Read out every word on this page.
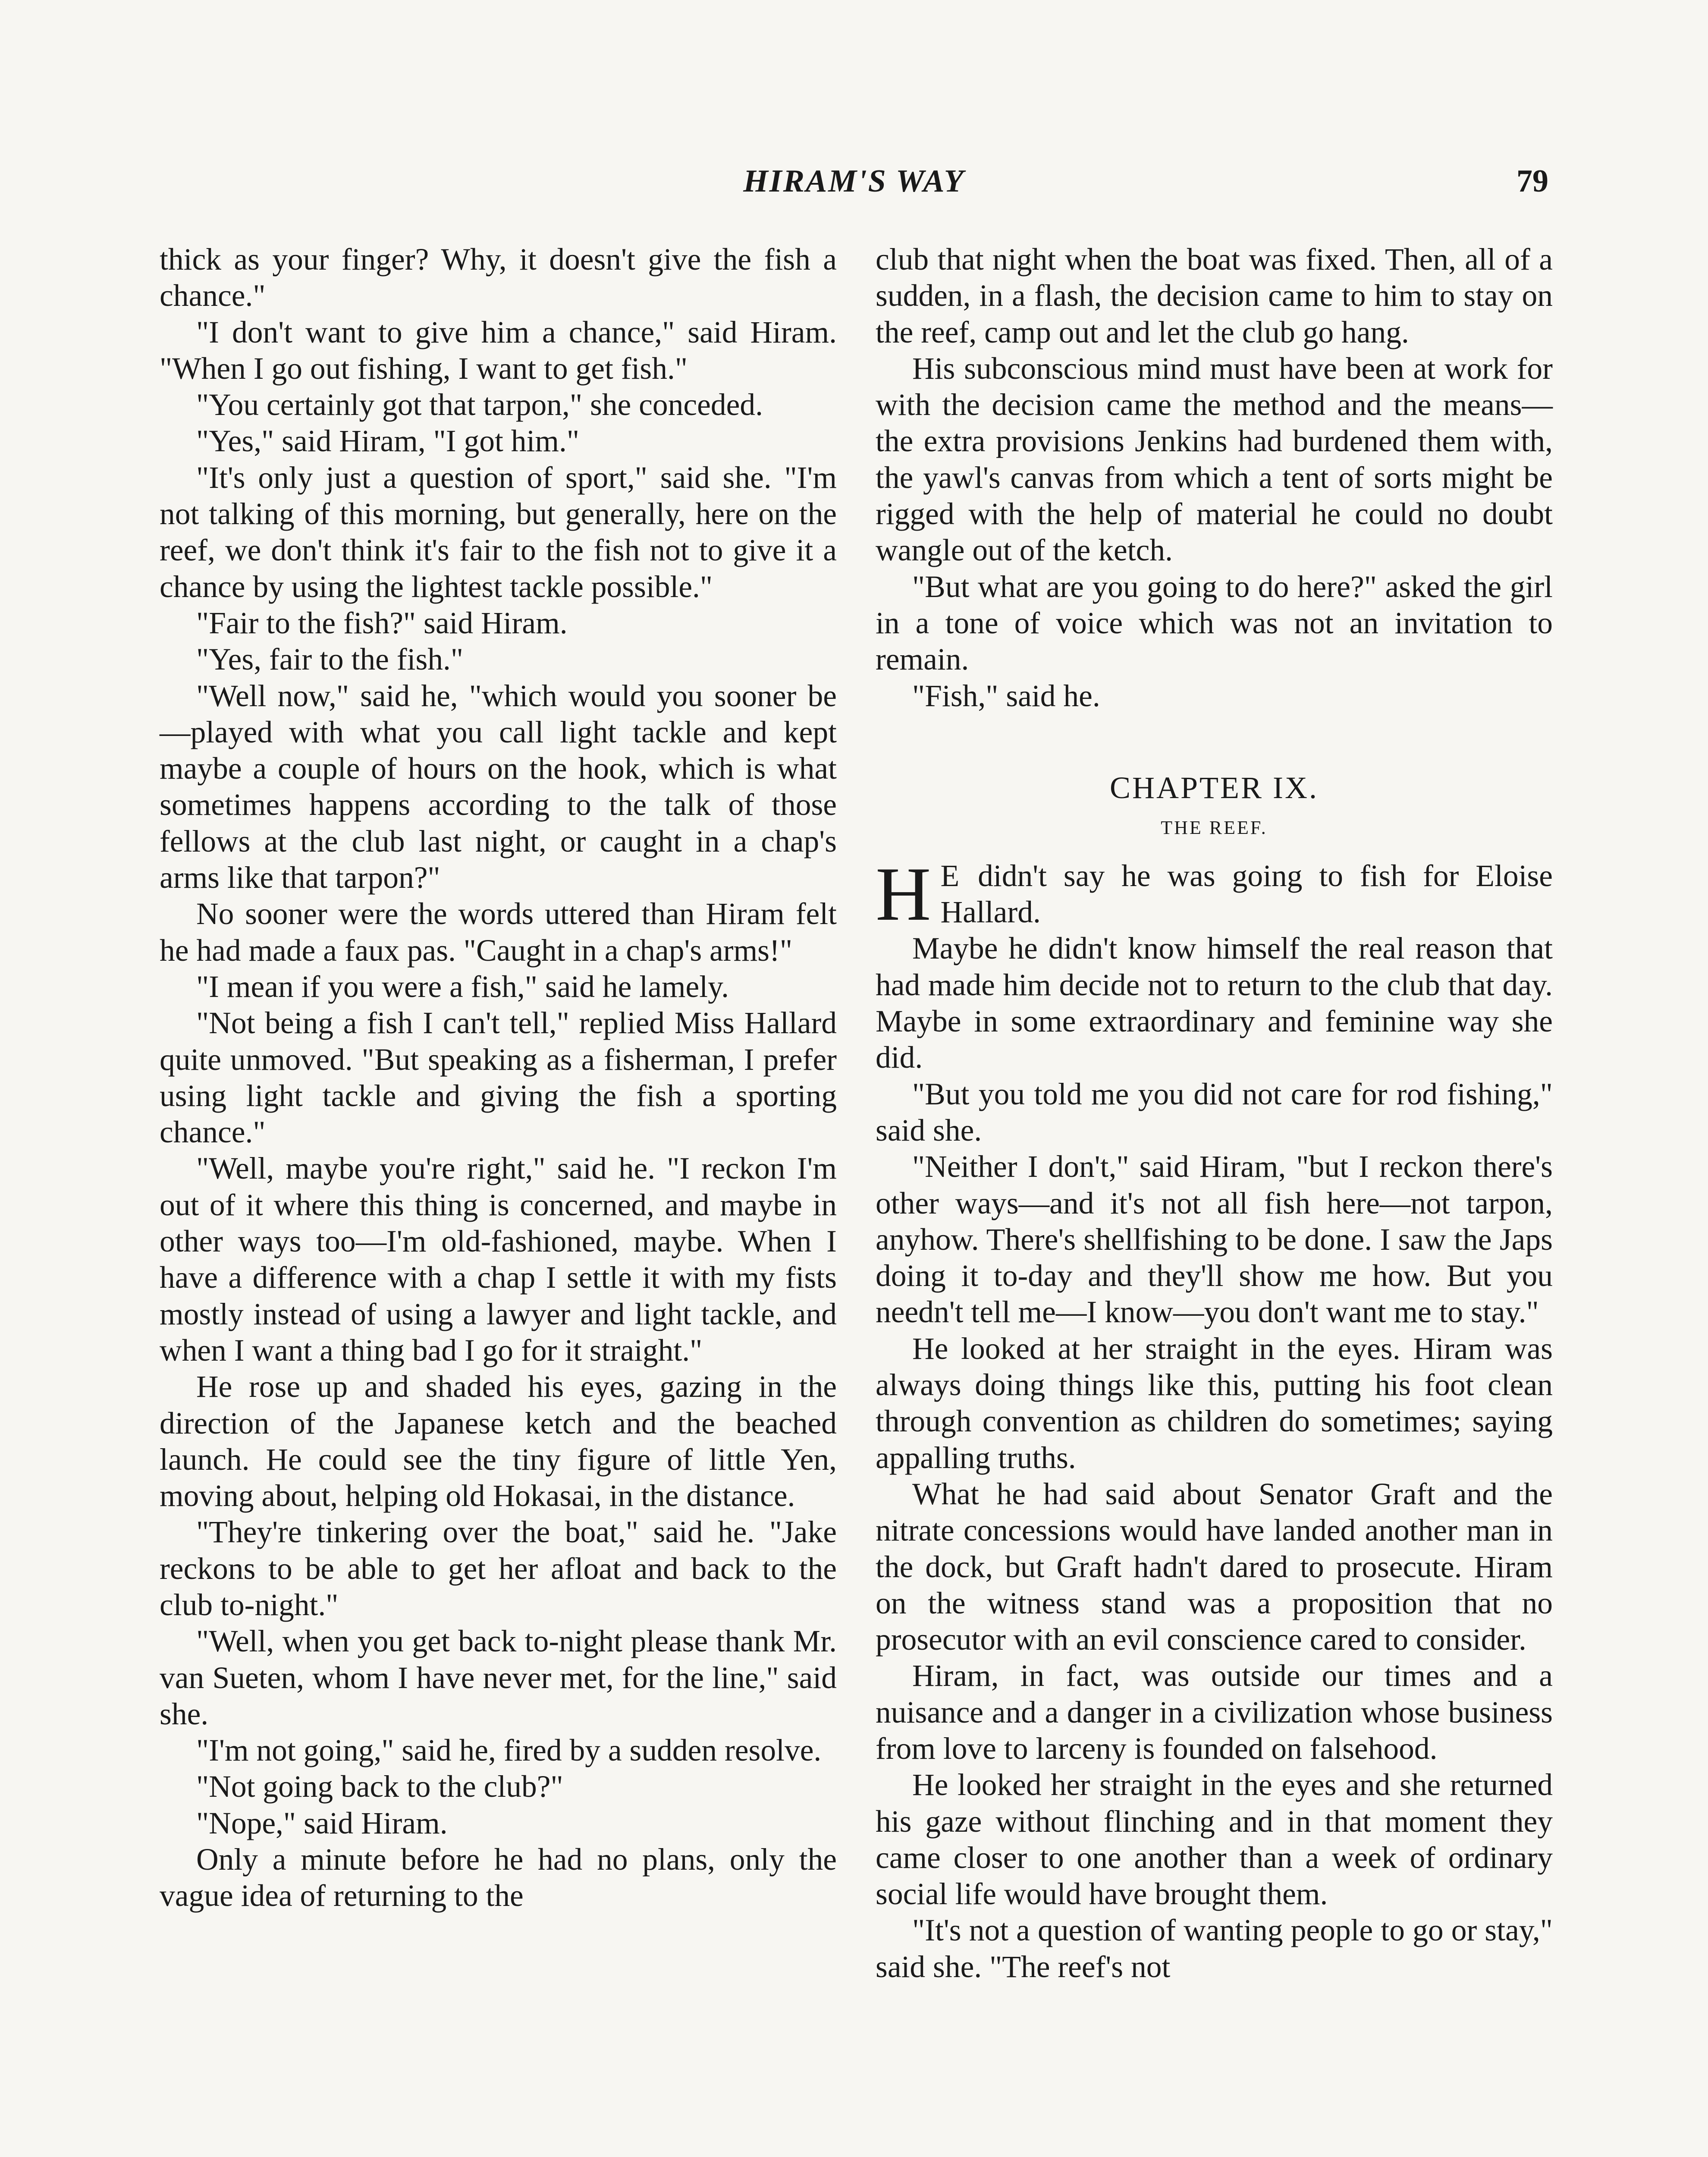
HIRAM'S WAY	79

thick as your finger? Why, it doesn't give the fish a chance."

"I don't want to give him a chance," said Hiram. "When I go out fishing, I want to get fish."

"You certainly got that tarpon," she conceded.

"Yes," said Hiram, "I got him."

"It's only just a question of sport," said she. "I'm not talking of this morning, but generally, here on the reef, we don't think it's fair to the fish not to give it a chance by using the lightest tackle possible."

"Fair to the fish?" said Hiram.

"Yes, fair to the fish."

"Well now," said he, "which would you sooner be—played with what you call light tackle and kept maybe a couple of hours on the hook, which is what sometimes happens according to the talk of those fellows at the club last night, or caught in a chap's arms like that tarpon?"

No sooner were the words uttered than Hiram felt he had made a faux pas. "Caught in a chap's arms!"

"I mean if you were a fish," said he lamely.

"Not being a fish I can't tell," replied Miss Hallard quite unmoved. "But speaking as a fisherman, I prefer using light tackle and giving the fish a sporting chance."

"Well, maybe you're right," said he. "I reckon I'm out of it where this thing is concerned, and maybe in other ways too—I'm old-fashioned, maybe. When I have a difference with a chap I settle it with my fists mostly instead of using a lawyer and light tackle, and when I want a thing bad I go for it straight."

He rose up and shaded his eyes, gazing in the direction of the Japanese ketch and the beached launch. He could see the tiny figure of little Yen, moving about, helping old Hokasai, in the distance.

"They're tinkering over the boat," said he. "Jake reckons to be able to get her afloat and back to the club to-night."

"Well, when you get back to-night please thank Mr. van Sueten, whom I have never met, for the line," said she.

"I'm not going," said he, fired by a sudden resolve.

"Not going back to the club?"

"Nope," said Hiram.

Only a minute before he had no plans, only the vague idea of returning to the

club that night when the boat was fixed. Then, all of a sudden, in a flash, the decision came to him to stay on the reef, camp out and let the club go hang.

His subconscious mind must have been at work for with the decision came the method and the means—the extra provisions Jenkins had burdened them with, the yawl's canvas from which a tent of sorts might be rigged with the help of material he could no doubt wangle out of the ketch.

"But what are you going to do here?" asked the girl in a tone of voice which was not an invitation to remain.

"Fish," said he.

CHAPTER IX.
THE REEF.

H E didn't say he was going to fish for Eloise Hallard.

Maybe he didn't know himself the real reason that had made him decide not to return to the club that day. Maybe in some extraordinary and feminine way she did.

"But you told me you did not care for rod fishing," said she.

"Neither I don't," said Hiram, "but I reckon there's other ways—and it's not all fish here—not tarpon, anyhow. There's shellfishing to be done. I saw the Japs doing it to-day and they'll show me how. But you needn't tell me—I know—you don't want me to stay."

He looked at her straight in the eyes. Hiram was always doing things like this, putting his foot clean through convention as children do sometimes; saying appalling truths.

What he had said about Senator Graft and the nitrate concessions would have landed another man in the dock, but Graft hadn't dared to prosecute. Hiram on the witness stand was a proposition that no prosecutor with an evil conscience cared to consider.

Hiram, in fact, was outside our times and a nuisance and a danger in a civilization whose business from love to larceny is founded on falsehood.

He looked her straight in the eyes and she returned his gaze without flinching and in that moment they came closer to one another than a week of ordinary social life would have brought them.

"It's not a question of wanting people to go or stay," said she. "The reef's not
